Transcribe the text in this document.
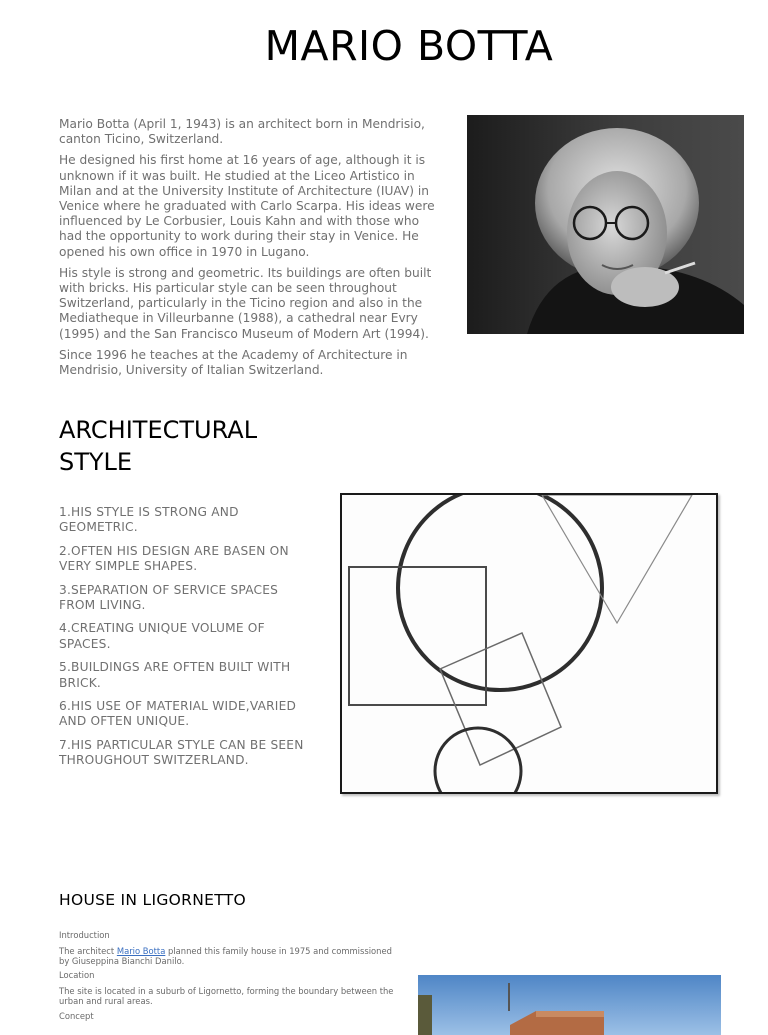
MARIO BOTTA

Mario Botta (April 1, 1943) is an architect born in Mendrisio, canton Ticino, Switzerland.

He designed his first home at 16 years of age, although it is unknown if it was built. He studied at the Liceo Artistico in Milan and at the University Institute of Architecture (IUAV) in Venice where he graduated with Carlo Scarpa. His ideas were influenced by Le Corbusier, Louis Kahn and with those who had the opportunity to work during their stay in Venice. He opened his own office in 1970 in Lugano.

His style is strong and geometric. Its buildings are often built with bricks. His particular style can be seen throughout Switzerland, particularly in the Ticino region and also in the Mediatheque in Villeurbanne (1988), a cathedral near Evry (1995) and the San Francisco Museum of Modern Art (1994).

Since 1996 he teaches at the Academy of Architecture in Mendrisio, University of Italian Switzerland.

ARCHITECTURAL
STYLE

1.HIS STYLE IS STRONG AND GEOMETRIC.

2.OFTEN HIS DESIGN ARE BASEN ON VERY SIMPLE SHAPES.

3.SEPARATION OF SERVICE SPACES FROM LIVING.

4.CREATING UNIQUE VOLUME OF SPACES.

5.BUILDINGS ARE OFTEN BUILT WITH BRICK.

6.HIS USE OF MATERIAL WIDE,VARIED AND OFTEN UNIQUE.

7.HIS PARTICULAR STYLE CAN BE SEEN THROUGHOUT SWITZERLAND.

HOUSE IN LIGORNETTO
Introduction
The architect Mario Botta planned this family house in 1975 and commissioned by Giuseppina Bianchi Danilo.
Location
The site is located in a suburb of Ligornetto, forming the boundary between the urban and rural areas.
Concept
